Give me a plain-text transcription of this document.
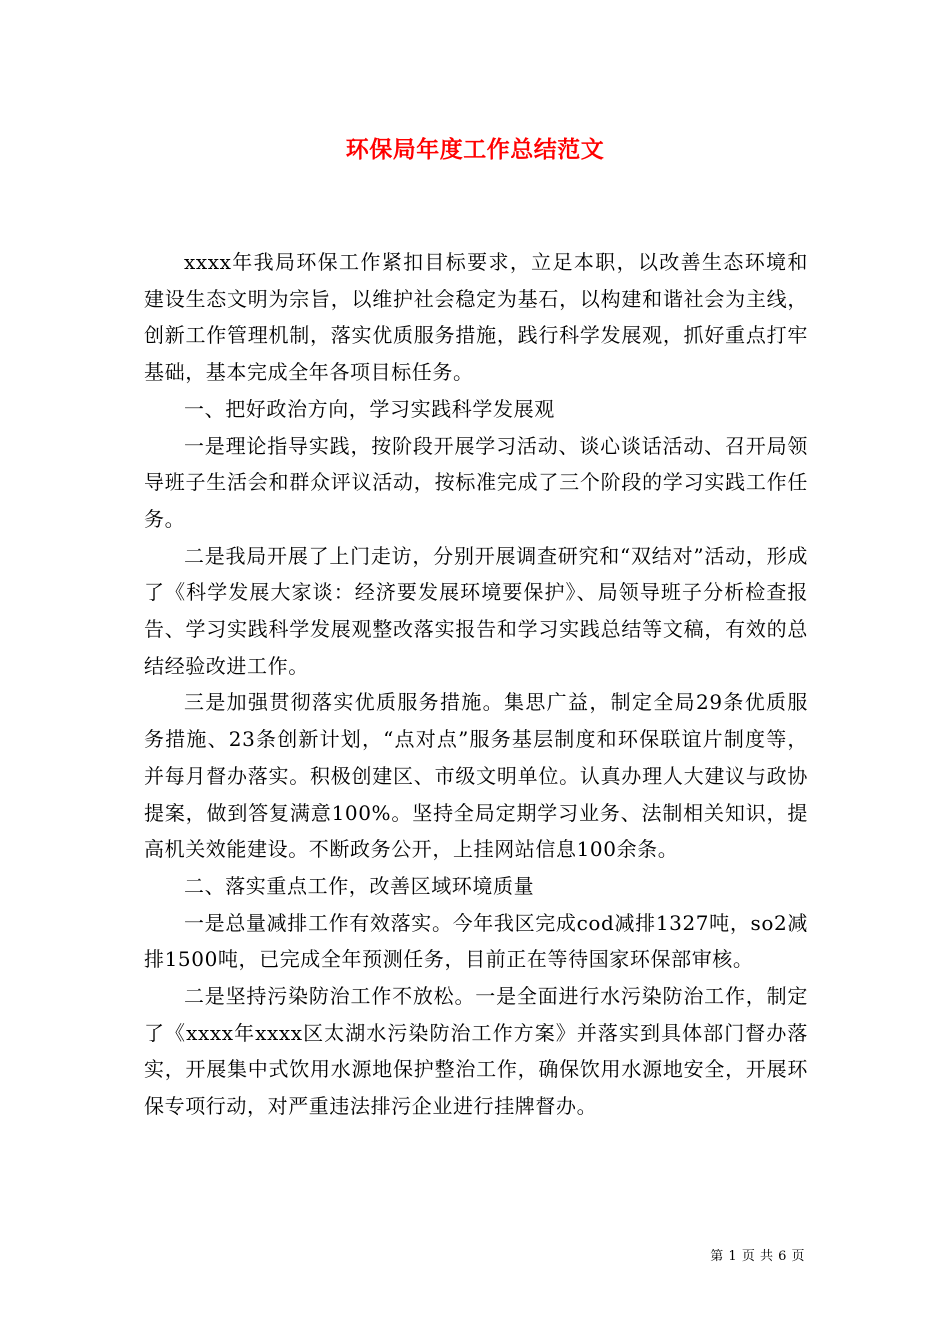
环保局年度工作总结范文

xxxx年我局环保工作紧扣目标要求，立足本职，以改善生态环境和建设生态文明为宗旨，以维护社会稳定为基石，以构建和谐社会为主线，创新工作管理机制，落实优质服务措施，践行科学发展观，抓好重点打牢基础，基本完成全年各项目标任务。

一、把好政治方向，学习实践科学发展观

一是理论指导实践，按阶段开展学习活动、谈心谈话活动、召开局领导班子生活会和群众评议活动，按标准完成了三个阶段的学习实践工作任务。

二是我局开展了上门走访，分别开展调查研究和“双结对”活动，形成了《科学发展大家谈：经济要发展环境要保护》、局领导班子分析检查报告、学习实践科学发展观整改落实报告和学习实践总结等文稿，有效的总结经验改进工作。

三是加强贯彻落实优质服务措施。集思广益，制定全局29条优质服务措施、23条创新计划，“点对点”服务基层制度和环保联谊片制度等，并每月督办落实。积极创建区、市级文明单位。认真办理人大建议与政协提案，做到答复满意100%。坚持全局定期学习业务、法制相关知识，提高机关效能建设。不断政务公开，上挂网站信息100余条。

二、落实重点工作，改善区域环境质量

一是总量减排工作有效落实。今年我区完成cod减排1327吨，so2减排1500吨，已完成全年预测任务，目前正在等待国家环保部审核。

二是坚持污染防治工作不放松。一是全面进行水污染防治工作，制定了《xxxx年xxxx区太湖水污染防治工作方案》并落实到具体部门督办落实，开展集中式饮用水源地保护整治工作，确保饮用水源地安全，开展环保专项行动，对严重违法排污企业进行挂牌督办。

第 1 页 共 6 页
